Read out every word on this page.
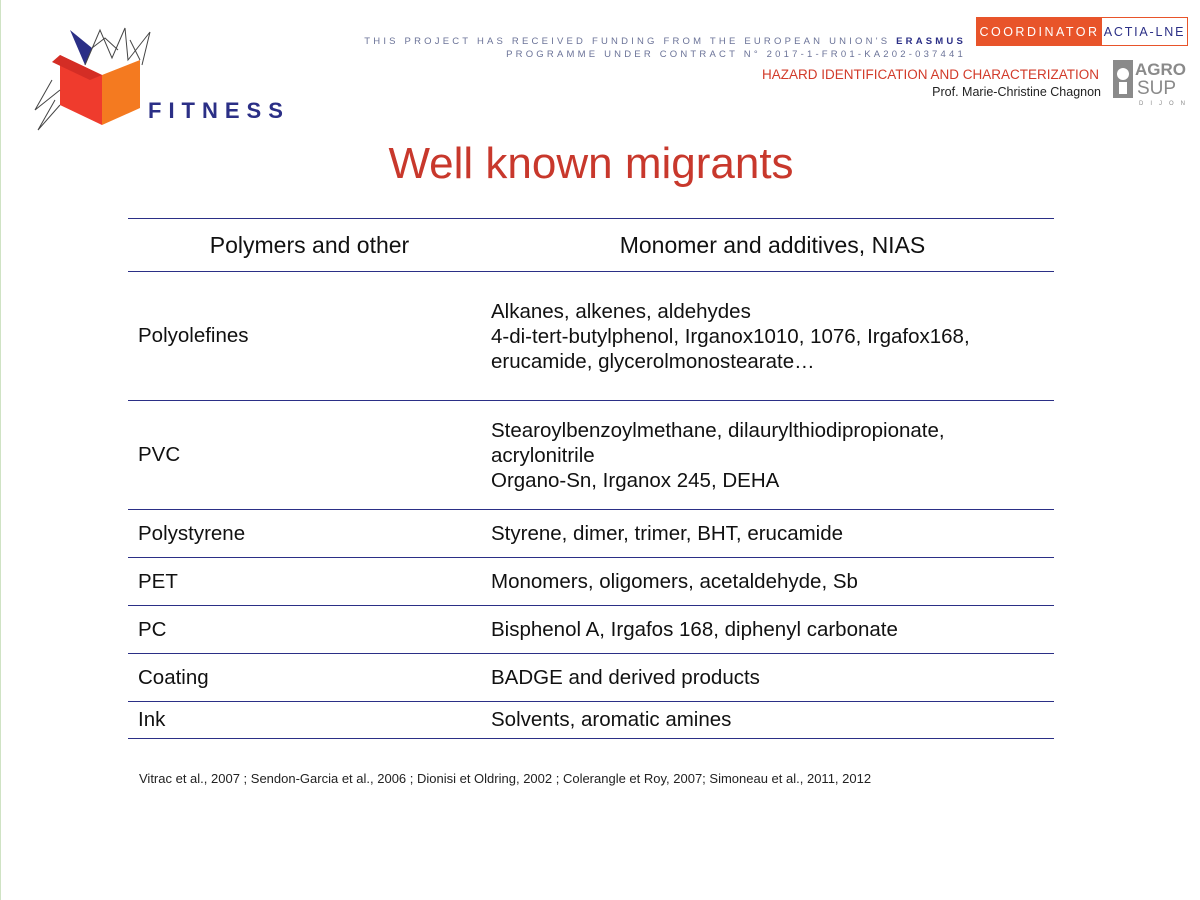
FITNESS
THIS PROJECT HAS RECEIVED FUNDING FROM THE EUROPEAN UNION'S ERASMUS
PROGRAMME UNDER CONTRACT N° 2017-1-FR01-KA202-037441
COORDINATOR ACTIA-LNE
HAZARD IDENTIFICATION AND CHARACTERIZATION
Prof. Marie-Christine Chagnon
AGRO
SUP
DIJON
Well known migrants
Polymers and other	Monomer and additives, NIAS
Polyolefines	Alkanes, alkenes, aldehydes
4-di-tert-butylphenol, Irganox1010, 1076, Irgafox168,
erucamide, glycerolmonostearate…

PVC	Stearoylbenzoylmethane, dilaurylthiodipropionate,
acrylonitrile
Organo-Sn, Irganox 245, DEHA

Polystyrene	Styrene, dimer, trimer, BHT, erucamide
PET	Monomers, oligomers, acetaldehyde, Sb
PC	Bisphenol A, Irgafos 168, diphenyl carbonate
Coating	BADGE and derived products
Ink	Solvents, aromatic amines
Vitrac et al., 2007 ; Sendon-Garcia et al., 2006 ; Dionisi et Oldring, 2002 ; Colerangle et Roy, 2007; Simoneau et al., 2011, 2012
